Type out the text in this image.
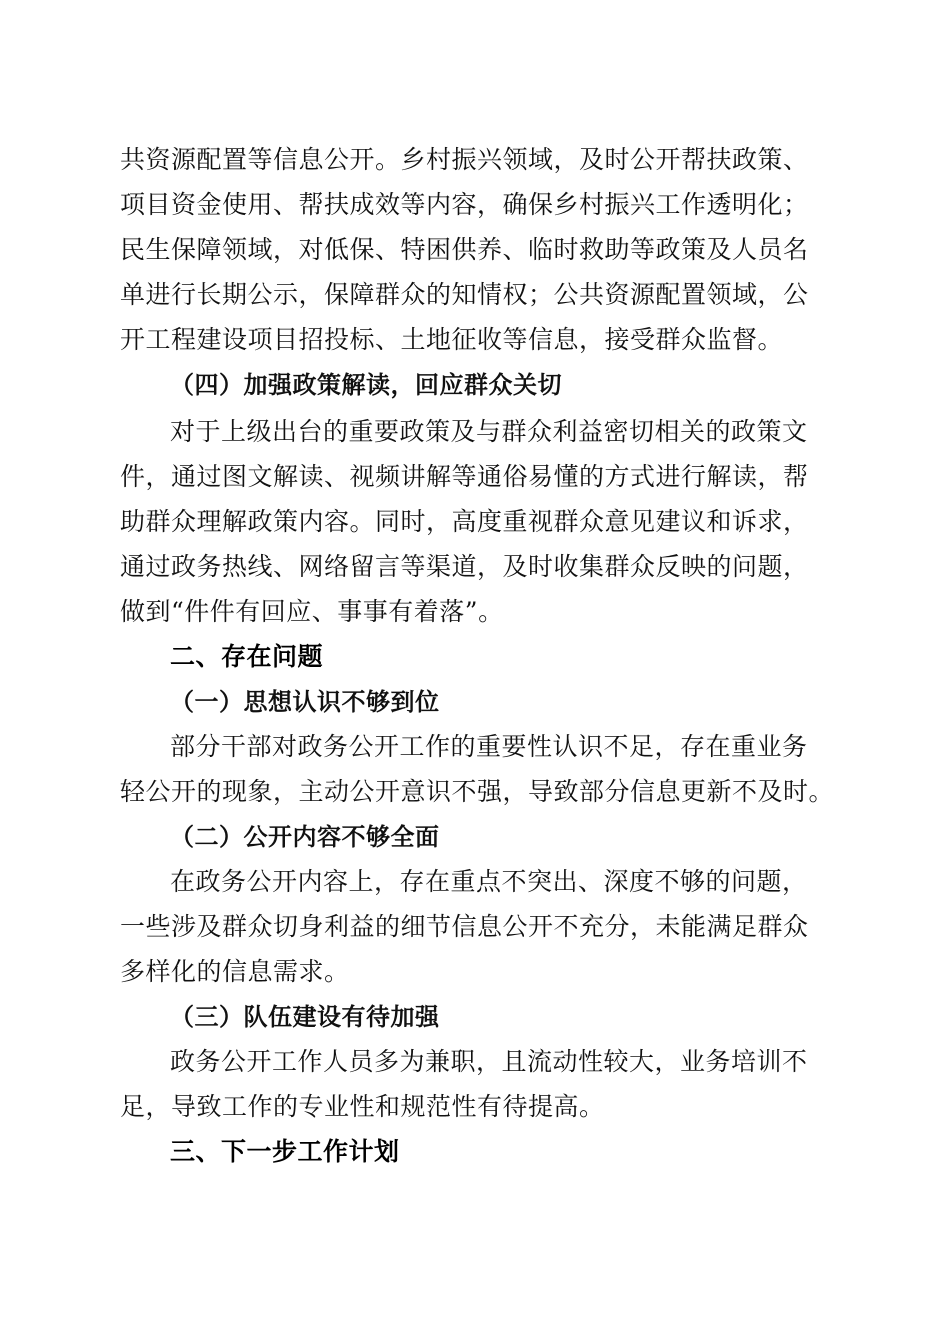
共资源配置等信息公开。乡村振兴领域，及时公开帮扶政策、
项目资金使用、帮扶成效等内容，确保乡村振兴工作透明化；
民生保障领域，对低保、特困供养、临时救助等政策及人员名
单进行长期公示，保障群众的知情权；公共资源配置领域，公
开工程建设项目招投标、土地征收等信息，接受群众监督。
（四）加强政策解读，回应群众关切
对于上级出台的重要政策及与群众利益密切相关的政策文
件，通过图文解读、视频讲解等通俗易懂的方式进行解读，帮
助群众理解政策内容。同时，高度重视群众意见建议和诉求，
通过政务热线、网络留言等渠道，及时收集群众反映的问题，
做到“件件有回应、事事有着落”。
二、存在问题
（一）思想认识不够到位
部分干部对政务公开工作的重要性认识不足，存在重业务
轻公开的现象，主动公开意识不强，导致部分信息更新不及时。
（二）公开内容不够全面
在政务公开内容上，存在重点不突出、深度不够的问题，
一些涉及群众切身利益的细节信息公开不充分，未能满足群众
多样化的信息需求。
（三）队伍建设有待加强
政务公开工作人员多为兼职，且流动性较大，业务培训不
足，导致工作的专业性和规范性有待提高。
三、下一步工作计划
